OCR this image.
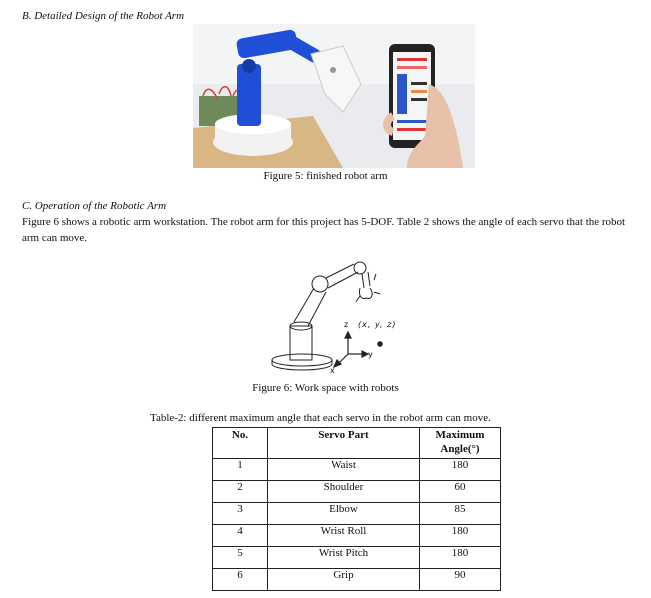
B. Detailed Design of the Robot Arm
Figure 5: finished robot arm
C. Operation of the Robotic Arm
Figure 6 shows a robotic arm workstation. The robot arm for this project has 5-DOF. Table 2 shows the angle of each servo that the robot arm can move.
z (x, y, z)
y
x
Figure 6: Work space with robots
Table-2: different maximum angle that each servo in the robot arm can move.
No.	Servo Part	Maximum
Angle(°)

1	Waist	180
2	Shoulder	60
3	Elbow	85
4	Wrist Roll	180
5	Wrist Pitch	180
6	Grip	90
